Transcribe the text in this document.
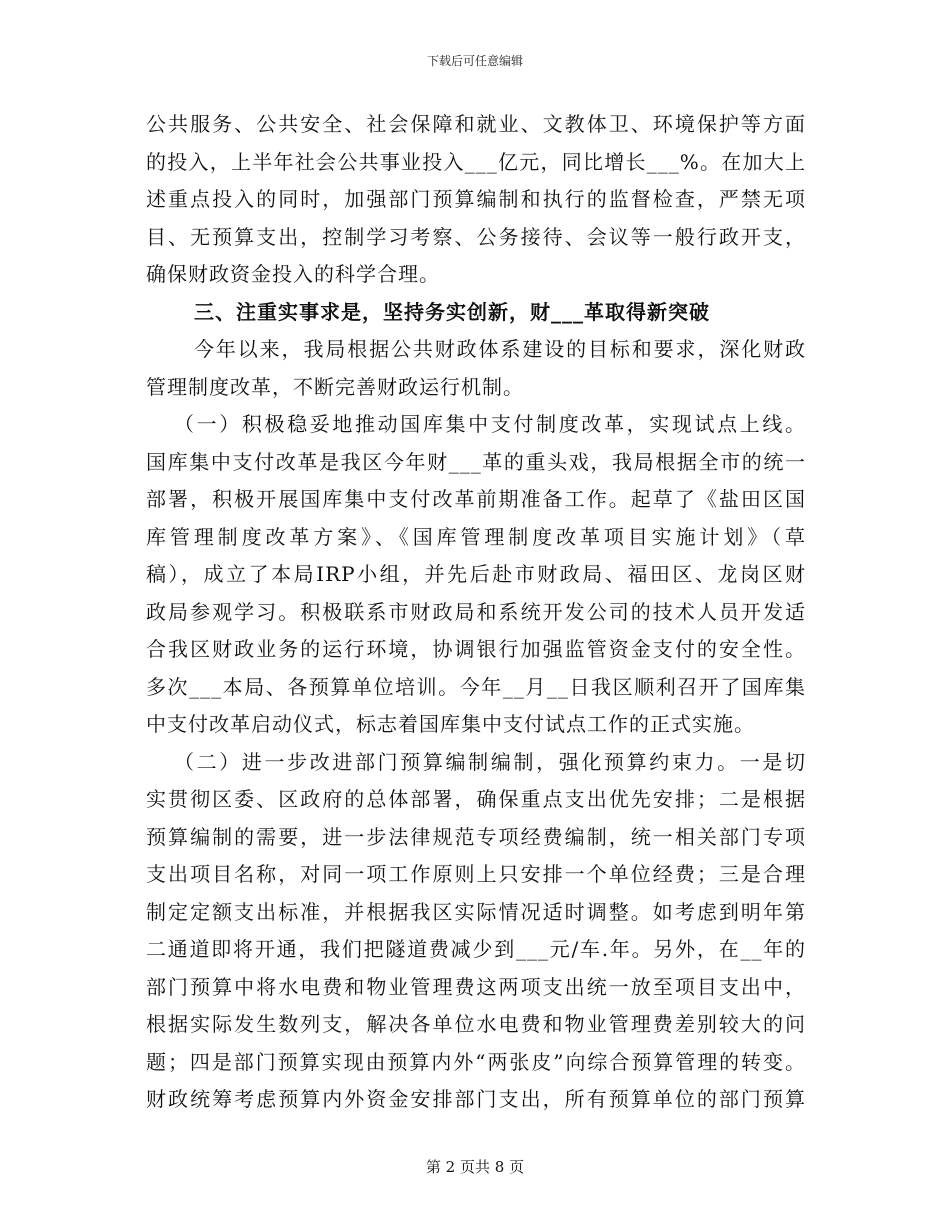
下载后可任意编辑
公共服务、公共安全、社会保障和就业、文教体卫、环境保护等方面
的投入，上半年社会公共事业投入___亿元，同比增长___%。在加大上
述重点投入的同时，加强部门预算编制和执行的监督检查，严禁无项
目、无预算支出，控制学习考察、公务接待、会议等一般行政开支，
确保财政资金投入的科学合理。
三、注重实事求是，坚持务实创新，财___革取得新突破
今年以来，我局根据公共财政体系建设的目标和要求，深化财政
管理制度改革，不断完善财政运行机制。
（一）积极稳妥地推动国库集中支付制度改革，实现试点上线。
国库集中支付改革是我区今年财___革的重头戏，我局根据全市的统一
部署，积极开展国库集中支付改革前期准备工作。起草了《盐田区国
库管理制度改革方案》、《国库管理制度改革项目实施计划》（草
稿），成立了本局IRP小组，并先后赴市财政局、福田区、龙岗区财
政局参观学习。积极联系市财政局和系统开发公司的技术人员开发适
合我区财政业务的运行环境，协调银行加强监管资金支付的安全性。
多次___本局、各预算单位培训。今年__月__日我区顺利召开了国库集
中支付改革启动仪式，标志着国库集中支付试点工作的正式实施。
（二）进一步改进部门预算编制编制，强化预算约束力。一是切
实贯彻区委、区政府的总体部署，确保重点支出优先安排；二是根据
预算编制的需要，进一步法律规范专项经费编制，统一相关部门专项
支出项目名称，对同一项工作原则上只安排一个单位经费；三是合理
制定定额支出标准，并根据我区实际情况适时调整。如考虑到明年第
二通道即将开通，我们把隧道费减少到___元/车.年。另外，在__年的
部门预算中将水电费和物业管理费这两项支出统一放至项目支出中，
根据实际发生数列支，解决各单位水电费和物业管理费差别较大的问
题；四是部门预算实现由预算内外“两张皮”向综合预算管理的转变。
财政统筹考虑预算内外资金安排部门支出，所有预算单位的部门预算
第 2 页共 8 页
